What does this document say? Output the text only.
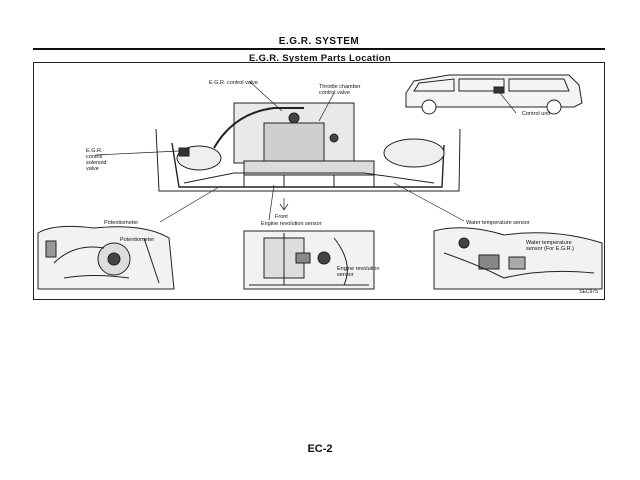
E.G.R. SYSTEM
E.G.R. System Parts Location
E.G.R. control valve
Throttle chamber
control valve
E.G.R.
control
solenoid
valve
Control unit
Potentiometer
Front
Engine revolution sensor	Water temperature sensor
Potentiometer
Engine revolution
sensor
Water temperature
sensor (For E.G.R.)
SEC975
EC-2
